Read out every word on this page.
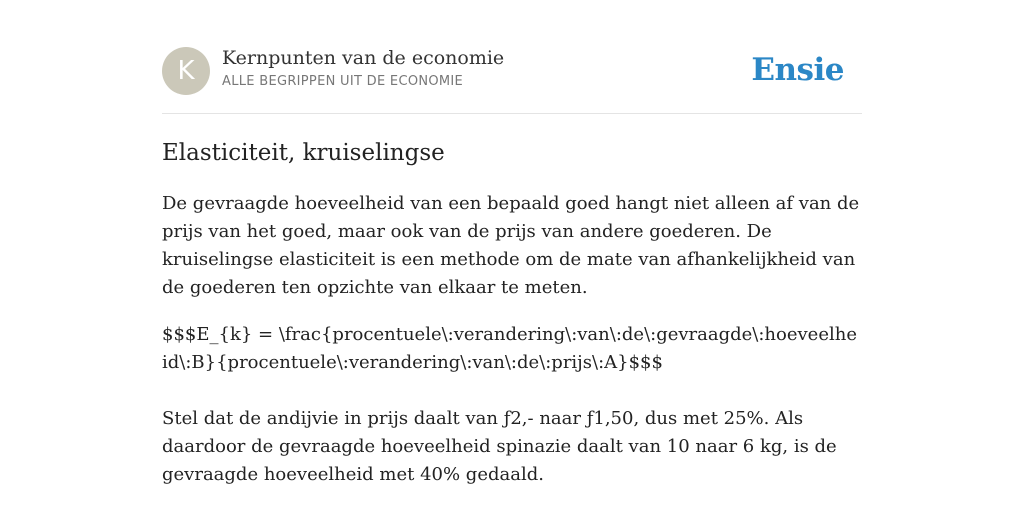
K	Kernpunten van de economie
ALLE BEGRIPPEN UIT DE ECONOMIE	Ensie
Elasticiteit, kruiselingse

De gevraagde hoeveelheid van een bepaald goed hangt niet alleen af van de prijs van het goed, maar ook van de prijs van andere goederen. De kruiselingse elasticiteit is een methode om de mate van afhankelijkheid van de goederen ten opzichte van elkaar te meten.

$$$E_{k} = \frac{procentuele\:verandering\:van\:de\:gevraagde\:hoeveelheid\:B}{procentuele\:verandering\:van\:de\:prijs\:A}$$$

Stel dat de andijvie in prijs daalt van ƒ2,- naar ƒ1,50, dus met 25%. Als daardoor de gevraagde hoeveelheid spinazie daalt van 10 naar 6 kg, is de gevraagde hoeveelheid met 40% gedaald.
